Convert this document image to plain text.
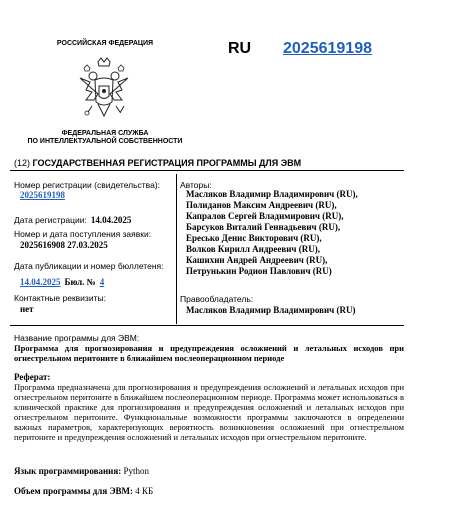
РОССИЙСКАЯ ФЕДЕРАЦИЯ
ФЕДЕРАЛЬНАЯ СЛУЖБА
ПО ИНТЕЛЛЕКТУАЛЬНОЙ СОБСТВЕННОСТИ
RU 2025619198
(12) ГОСУДАРСТВЕННАЯ РЕГИСТРАЦИЯ ПРОГРАММЫ ДЛЯ ЭВМ
Номер регистрации (свидетельства):
2025619198
Дата регистрации: 14.04.2025
Номер и дата поступления заявки:
2025616908 27.03.2025
Дата публикации и номер бюллетеня:
14.04.2025 Бюл. № 4
Контактные реквизиты:
нет
Авторы:
Масляков Владимир Владимирович (RU),
Полиданов Максим Андреевич (RU),
Капралов Сергей Владимирович (RU),
Барсуков Виталий Геннадьевич (RU),
Ересько Денис Викторович (RU),
Волков Кирилл Андреевич (RU),
Кашихин Андрей Андреевич (RU),
Петрунькин Родион Павлович (RU)
Правообладатель:
Масляков Владимир Владимирович (RU)
Название программы для ЭВМ:
Программа для прогнозирования и предупреждения осложнений и летальных исходов при огнестрельном перитоните в ближайшем послеоперационном периоде
Реферат:
Программа предназначена для прогнозирования и предупреждения осложнений и летальных исходов при огнестрельном перитоните в ближайшем послеоперационном периоде. Программа может использоваться в клинической практике для прогнозирования и предупреждения осложнений и летальных исходов при огнестрельном перитоните. Функциональные возможности программы заключаются в определении важных параметров, характеризующих вероятность возникновения осложнений при огнестрельном перитоните и предупреждения осложнений и летальных исходов при огнестрельном перитоните.
Язык программирования: Python
Объем программы для ЭВМ: 4 КБ
